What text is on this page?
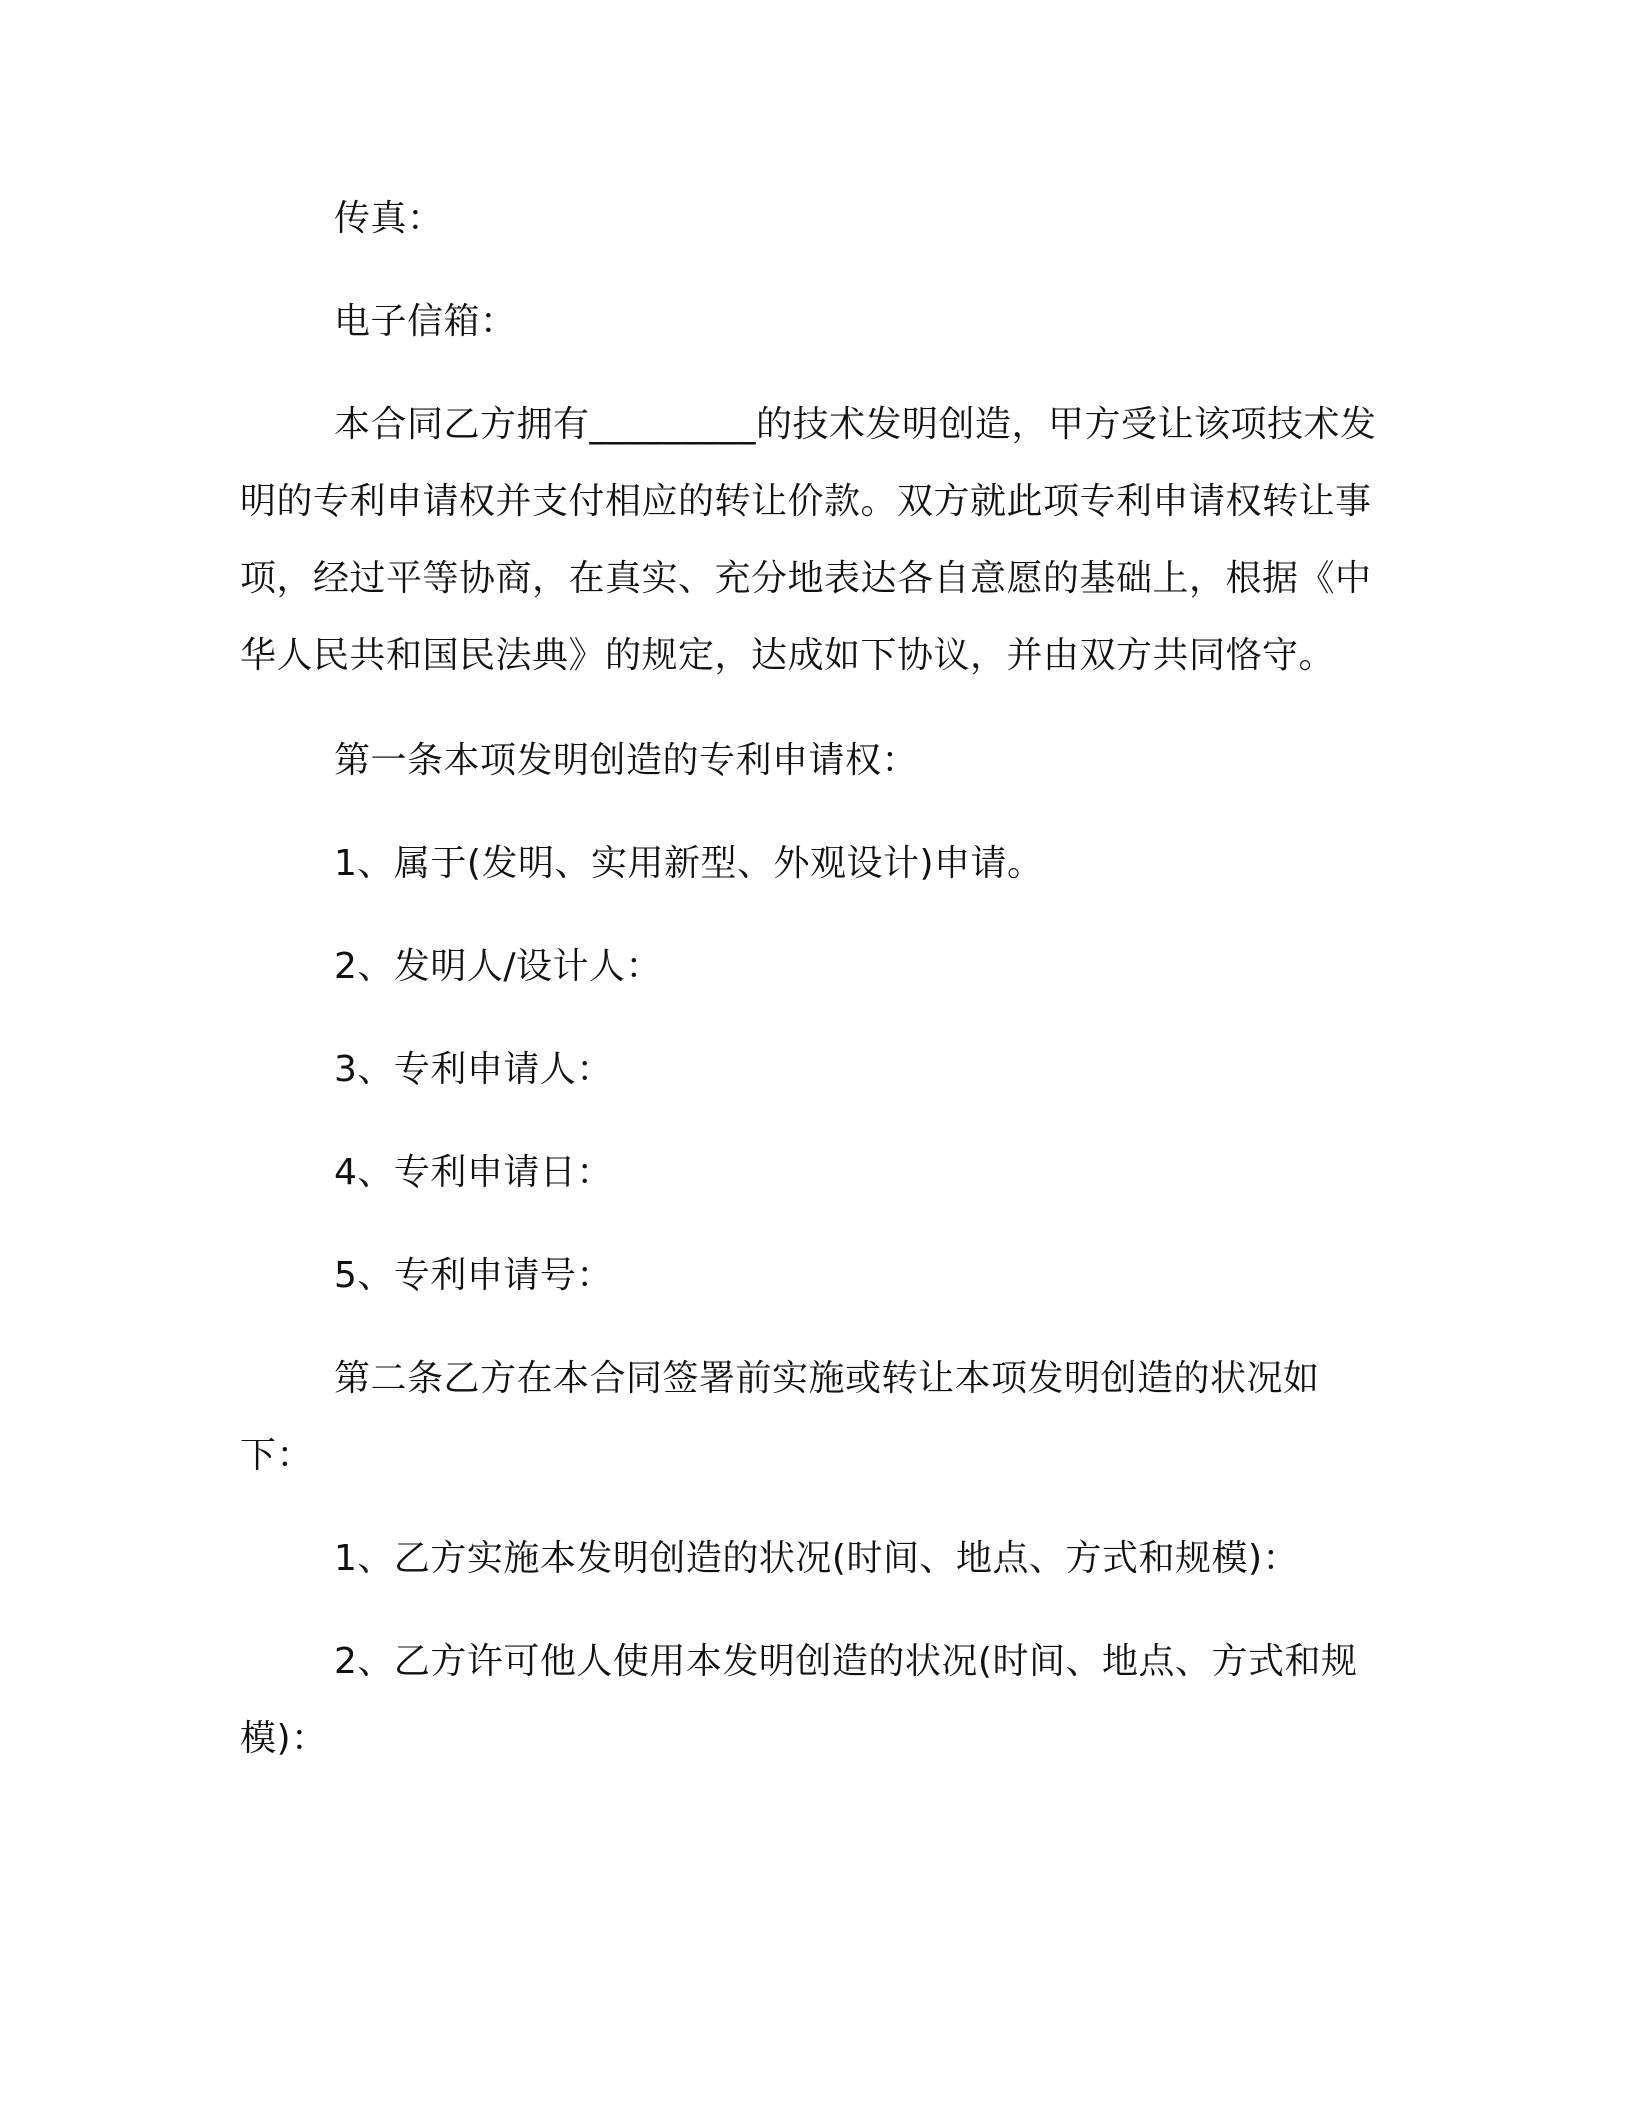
传真：

电子信箱：

本合同乙方拥有_________的技术发明创造，甲方受让该项技术发明的专利申请权并支付相应的转让价款。双方就此项专利申请权转让事项，经过平等协商，在真实、充分地表达各自意愿的基础上，根据《中华人民共和国民法典》的规定，达成如下协议，并由双方共同恪守。

第一条本项发明创造的专利申请权：

1、属于(发明、实用新型、外观设计)申请。

2、发明人/设计人：

3、专利申请人：

4、专利申请日：

5、专利申请号：

第二条乙方在本合同签署前实施或转让本项发明创造的状况如下：

1、乙方实施本发明创造的状况(时间、地点、方式和规模)：

2、乙方许可他人使用本发明创造的状况(时间、地点、方式和规模)：
